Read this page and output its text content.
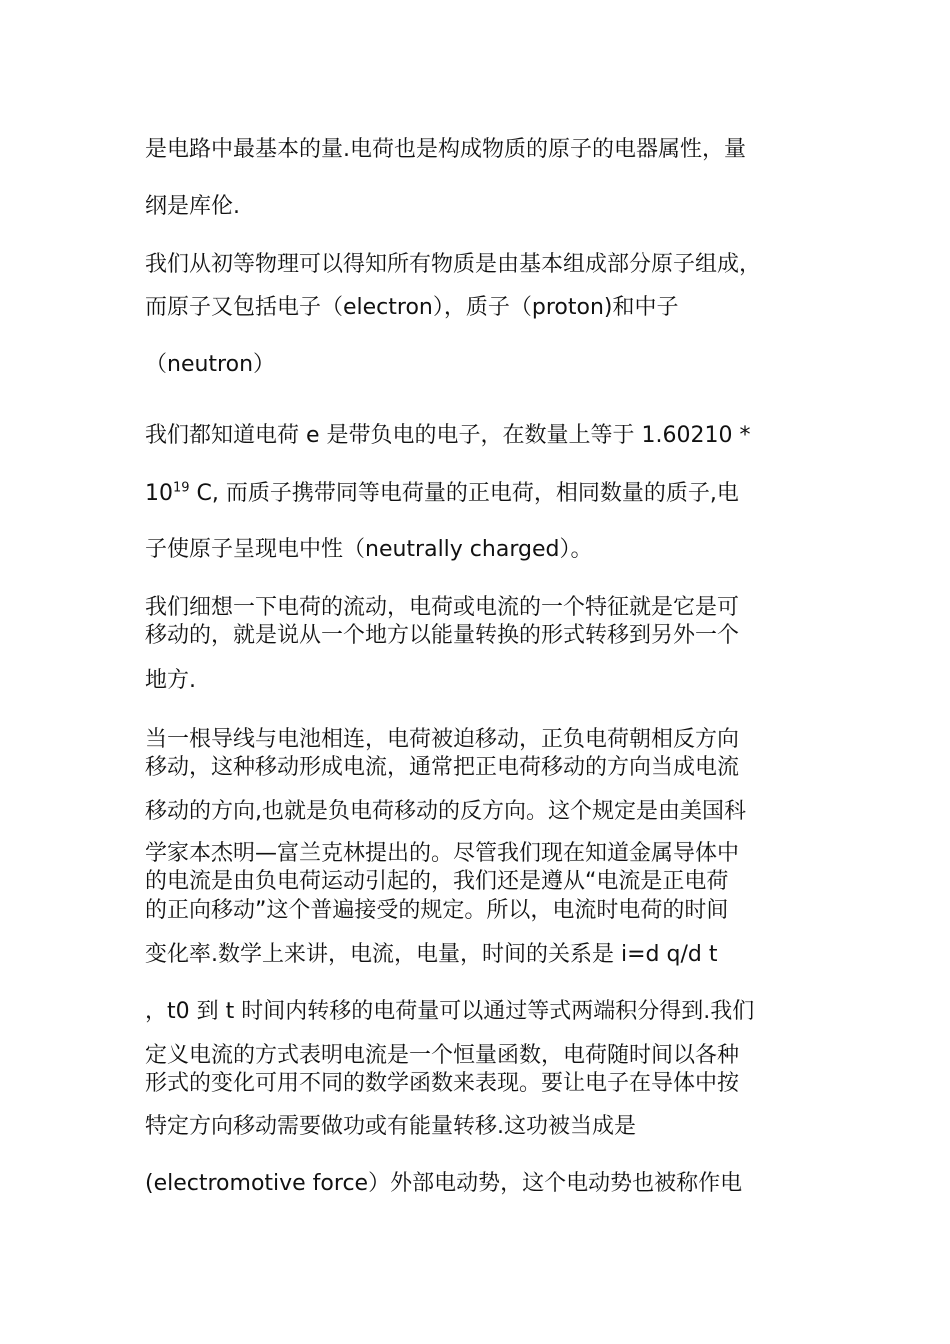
是电路中最基本的量.电荷也是构成物质的原子的电器属性，量
纲是库伦.
我们从初等物理可以得知所有物质是由基本组成部分原子组成，
而原子又包括电子（electron），质子（proton)和中子
（neutron）
我们都知道电荷 e 是带负电的电子，在数量上等于 1.60210 *
$10^{19}$ C, 而质子携带同等电荷量的正电荷，相同数量的质子,电
子使原子呈现电中性（neutrally charged）。
我们细想一下电荷的流动，电荷或电流的一个特征就是它是可
移动的，就是说从一个地方以能量转换的形式转移到另外一个
地方.
当一根导线与电池相连，电荷被迫移动，正负电荷朝相反方向
移动，这种移动形成电流，通常把正电荷移动的方向当成电流
移动的方向,也就是负电荷移动的反方向。这个规定是由美国科
学家本杰明—富兰克林提出的。尽管我们现在知道金属导体中
的电流是由负电荷运动引起的，我们还是遵从“电流是正电荷
的正向移动”这个普遍接受的规定。所以，电流时电荷的时间
变化率.数学上来讲，电流，电量，时间的关系是 i=d q/d t
，t0 到 t 时间内转移的电荷量可以通过等式两端积分得到.我们
定义电流的方式表明电流是一个恒量函数，电荷随时间以各种
形式的变化可用不同的数学函数来表现。要让电子在导体中按
特定方向移动需要做功或有能量转移.这功被当成是
(electromotive force）外部电动势，这个电动势也被称作电
